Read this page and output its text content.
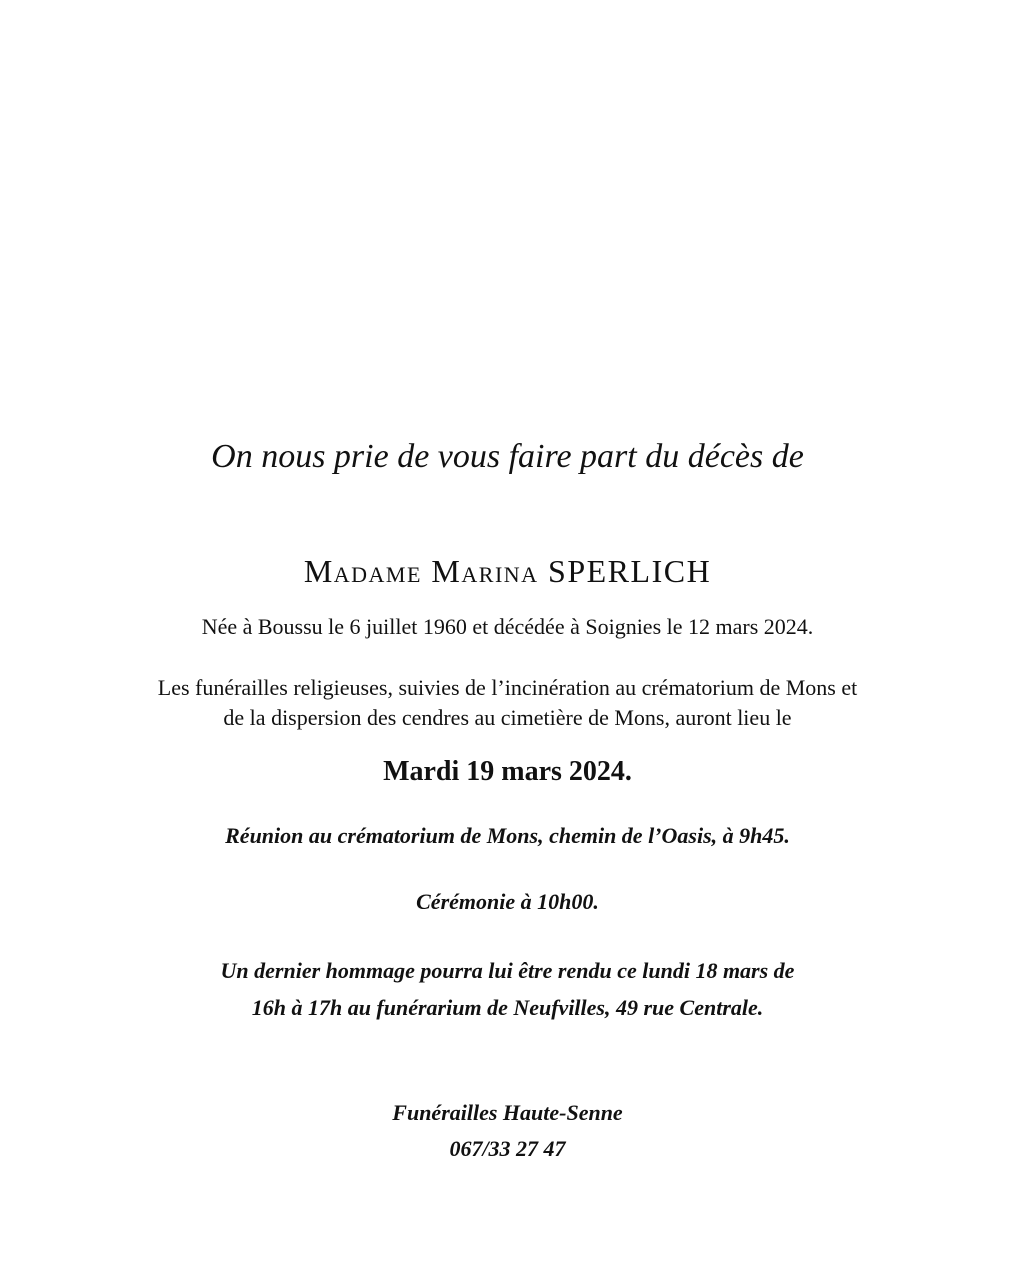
On nous prie de vous faire part du décès de
Madame Marina SPERLICH
Née à Boussu le 6 juillet 1960 et décédée à Soignies le 12 mars 2024.
Les funérailles religieuses, suivies de l’incinération au crématorium de Mons et
de la dispersion des cendres au cimetière de Mons, auront lieu le
Mardi 19 mars 2024.
Réunion au crématorium de Mons, chemin de l’Oasis, à 9h45.
Cérémonie à 10h00.
Un dernier hommage pourra lui être rendu ce lundi 18 mars de
16h à 17h au funérarium de Neufvilles, 49 rue Centrale.
Funérailles Haute-Senne
067/33 27 47
